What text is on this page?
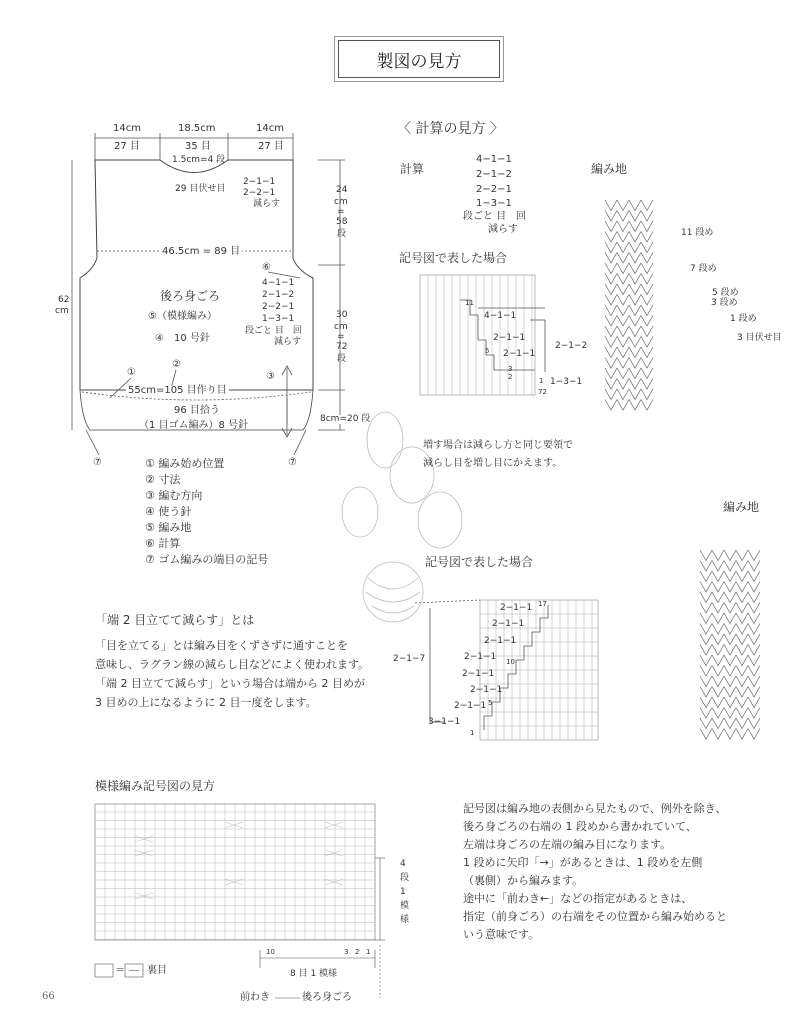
製図の見方
14cm
27 目
18.5cm
35 目
14cm
27 目
1.5cm=4 段
29 目伏せ目
2−1−1
2−2−1
減らす
24
cm
=
58
段
46.5cm = 89 目
62
cm
後ろ身ごろ
⑤（模様編み）
④　10 号針
⑥
4−1−1
2−1−2
2−2−1
1−3−1
段ごと 目　回
減らす
30
cm
=
72
段
①
②
③
55cm=105 目作り目
96 目拾う
（1 目ゴム編み）8 号針
8cm=20 段
⑦	⑦
① 編み始め位置
② 寸法
③ 編む方向
④ 使う針
⑤ 編み地
⑥ 計算
⑦ ゴム編みの端目の記号
〈 計算の見方 〉
計算
4−1−1
2−1−2
2−2−1
1−3−1
段ごと 目　回
減らす
編み地
記号図で表した場合
11 段め
7 段め
5 段め
3 段め
1 段め
3 目伏せ目
4−1−1
2−1−1
2−1−1
2−1−2
1−3−1
11
5
3
2	1
72
増す場合は減らし方と同じ要領で
減らし目を増し目にかえます。
「端 2 目立てて減らす」とは
「目を立てる」とは編み目をくずさずに通すことを
意味し、ラグラン線の減らし目などによく使われます。
「端 2 目立てて減らす」という場合は端から 2 目めが
3 目めの上になるように 2 目一度をします。
記号図で表した場合
編み地
2−1−1
2−1−1
2−1−1
2−1−1
2−1−1
2−1−1
2−1−1
3−1−1
2−1−7
17
10
5
1
模様編み記号図の見方
4
段
1
模
様
10	3 2 1
8 目 1 模様
前わき	後ろ身ごろ
＝ 裏目
記号図は編み地の表側から見たもので、例外を除き、
後ろ身ごろの右端の 1 段めから書かれていて、
左端は身ごろの左端の編み目になります。
1 段めに矢印「→」があるときは、1 段めを左側
（裏側）から編みます。
途中に「前わき←」などの指定があるときは、
指定（前身ごろ）の右端をその位置から編み始めると
いう意味です。
66
